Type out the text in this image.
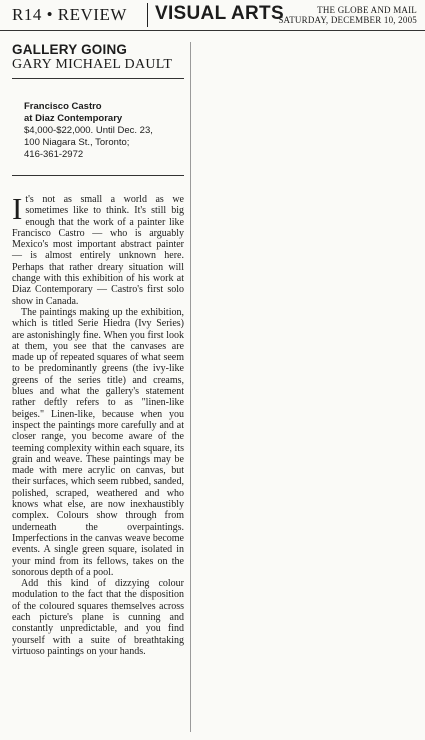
R14 • REVIEW VISUAL ARTS	THE GLOBE AND MAIL
SATURDAY, DECEMBER 10, 2005
GALLERY GOING
GARY MICHAEL DAULT
Francisco Castro
at Diaz Contemporary
$4,000-$22,000. Until Dec. 23,
100 Niagara St., Toronto;
416-361-2972

It's not as small a world as we sometimes like to think. It's still big enough that the work of a painter like Francisco Castro — who is arguably Mexico's most important abstract painter — is almost entirely unknown here. Perhaps that rather dreary situation will change with this exhibition of his work at Diaz Contemporary — Castro's first solo show in Canada.

The paintings making up the exhibition, which is titled Serie Hiedra (Ivy Series) are astonishingly fine. When you first look at them, you see that the canvases are made up of repeated squares of what seem to be predominantly greens (the ivy-like greens of the series title) and creams, blues and what the gallery's statement rather deftly refers to as "linen-like beiges." Linen-like, because when you inspect the paintings more carefully and at closer range, you become aware of the teeming complexity within each square, its grain and weave. These paintings may be made with mere acrylic on canvas, but their surfaces, which seem rubbed, sanded, polished, scraped, weathered and who knows what else, are now inexhaustibly complex. Colours show through from underneath the overpaintings. Imperfections in the canvas weave become events. A single green square, isolated in your mind from its fellows, takes on the sonorous depth of a pool.

Add this kind of dizzying colour modulation to the fact that the disposition of the coloured squares themselves across each picture's plane is cunning and constantly unpredictable, and you find yourself with a suite of breathtaking virtuoso paintings on your hands.
